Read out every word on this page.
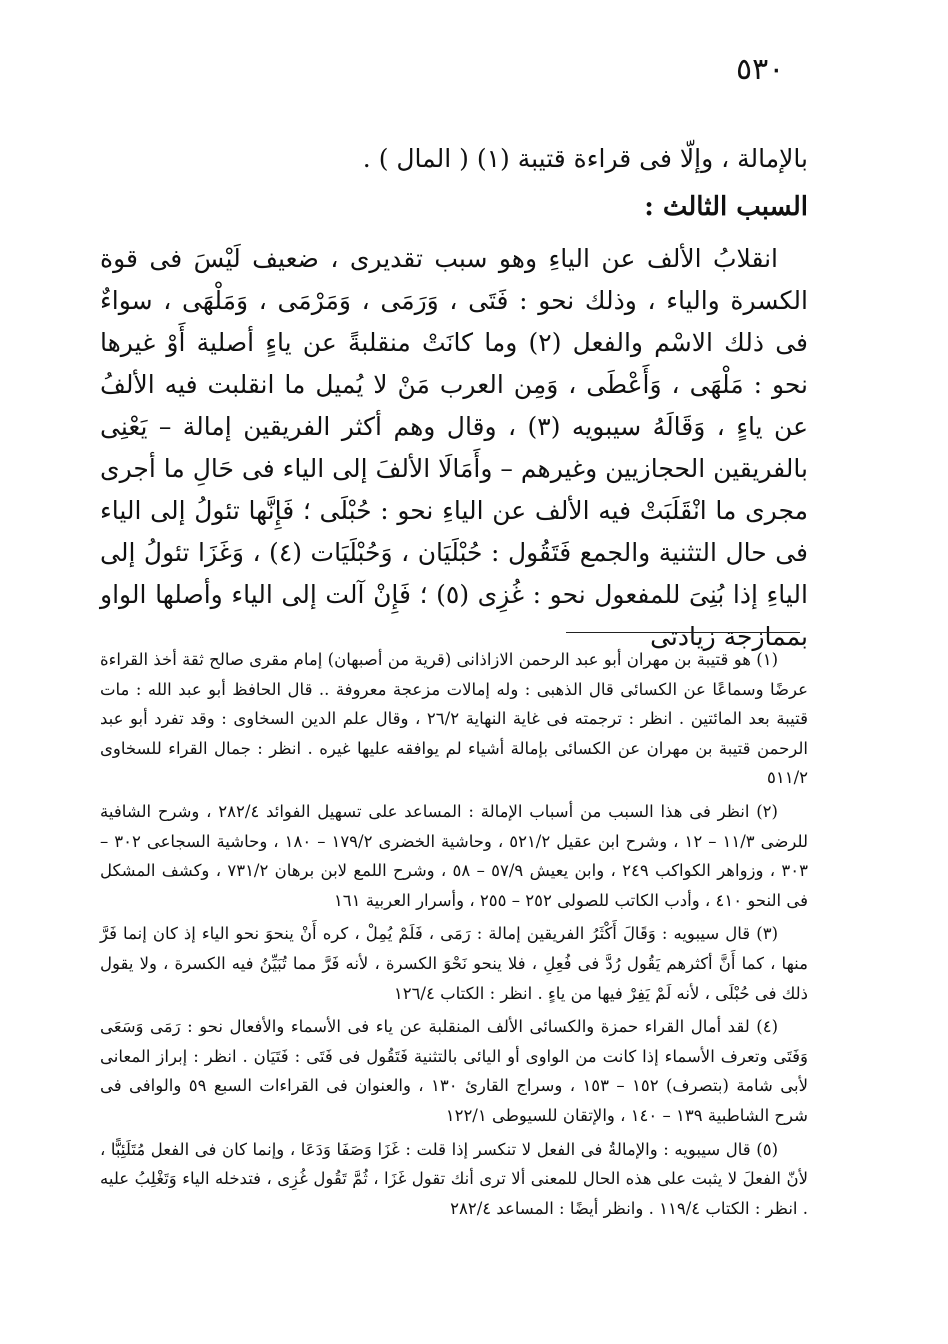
٥٣٠

بالإمالة ، وإلّا فى قراءة قتيبة (١) ( المال ) .

السبب الثالث :

انقلابُ الألف عن الياءِ وهو سبب تقديرى ، ضعيف لَيْسَ فى قوة الكسرة والياء ، وذلك نحو : فَتَى ، وَرَمَى ، وَمَرْمَى ، وَمَلْهَى ، سواءٌ فى ذلك الاسْم والفعل (٢) وما كانَتْ منقلبةً عن ياءٍ أصلية أَوْ غيرها نحو : مَلْهَى ، وَأَعْطَى ، وَمِن العرب مَنْ لا يُميل ما انقلبت فيه الألفُ عن ياءٍ ، وَقَالَهُ سيبويه (٣) ، وقال وهم أكثر الفريقين إمالة – يَعْنِى بالفريقين الحجازيين وغيرهم – وأَمَالَا الألفَ إلى الياء فى حَالِ ما أجرى مجرى ما انْقَلَبَتْ فيه الألف عن الياءِ نحو : حُبْلَى ؛ فَإِنَّها تئولُ إلى الياء فى حال التثنية والجمع فَتَقُول : حُبْلَيَان ، وَحُبْلَيَات (٤) ، وَغَزَا تئولُ إلى الياءِ إذا بُنِىَ للمفعول نحو : غُزِى (٥) ؛ فَإِنْ آلت إلى الياء وأصلها الواو بممازجة زيادتى

(١) هو قتيبة بن مهران أبو عبد الرحمن الازاذانى (قرية من أصبهان) إمام مقرى صالح ثقة أخذ القراءة عرضًا وسماعًا عن الكسائى قال الذهبى : وله إمالات مزعجة معروفة .. قال الحافظ أبو عبد الله : مات قتيبة بعد المائتين . انظر : ترجمته فى غاية النهاية ٢٦/٢ ، وقال علم الدين السخاوى : وقد تفرد أبو عبد الرحمن قتيبة بن مهران عن الكسائى بإمالة أشياء لم يوافقه عليها غيره . انظر : جمال القراء للسخاوى ٥١١/٢

(٢) انظر فى هذا السبب من أسباب الإمالة : المساعد على تسهيل الفوائد ٢٨٢/٤ ، وشرح الشافية للرضى ١١/٣ – ١٢ ، وشرح ابن عقيل ٥٢١/٢ ، وحاشية الخضرى ١٧٩/٢ – ١٨٠ ، وحاشية السجاعى ٣٠٢ – ٣٠٣ ، وزواهر الكواكب ٢٤٩ ، وابن يعيش ٥٧/٩ – ٥٨ ، وشرح اللمع لابن برهان ٧٣١/٢ ، وكشف المشكل فى النحو ٤١٠ ، وأدب الكاتب للصولى ٢٥٢ – ٢٥٥ ، وأسرار العربية ١٦١

(٣) قال سيبويه : وَقَالَ أَكْثَرُ الفريقين إمالة : رَمَى ، فَلَمْ يُمِلْ ، كره أَنْ ينحوَ نحو الياء إذ كان إنما فَرَّ منها ، كما أَنَّ أكثرهم يَقُول رُدَّ فى فُعِلِ ، فلا ينحو نَحْوَ الكسرة ، لأنه فَرَّ مما تُبَيِّنُ فيه الكسرة ، ولا يقول ذلك فى حُبْلَى ، لأنه لَمْ يَفِرْ فيها من ياءٍ . انظر : الكتاب ١٢٦/٤

(٤) لقد أمال القراء حمزة والكسائى الألف المنقلبة عن ياء فى الأسماء والأفعال نحو : رَمَى وَسَعَى وَفَتَى وتعرف الأسماء إذا كانت من الواوى أو اليائى بالتثنية فَتَقُول فى فَتَى : فَتَيَان . انظر : إبراز المعانى لأبى شامة (بتصرف) ١٥٢ – ١٥٣ ، وسراج القارئ ١٣٠ ، والعنوان فى القراءات السبع ٥٩ والوافى فى شرح الشاطبية ١٣٩ – ١٤٠ ، والإتقان للسيوطى ١٢٢/١

(٥) قال سيبويه : والإمالةُ فى الفعل لا تنكسر إذا قلت : غَزَا وَصَفَا وَدَعَا ، وإنما كان فى الفعل مُتَلَئِبًّا ، لأنّ الفعلَ لا يثبت على هذه الحال للمعنى ألا ترى أنك تقول غَزَا ، ثُمَّ تَقُول غُزِى ، فتدخله الياء وَتَغْلِبُ عليه . انظر : الكتاب ١١٩/٤ . وانظر أيضًا : المساعد ٢٨٢/٤
